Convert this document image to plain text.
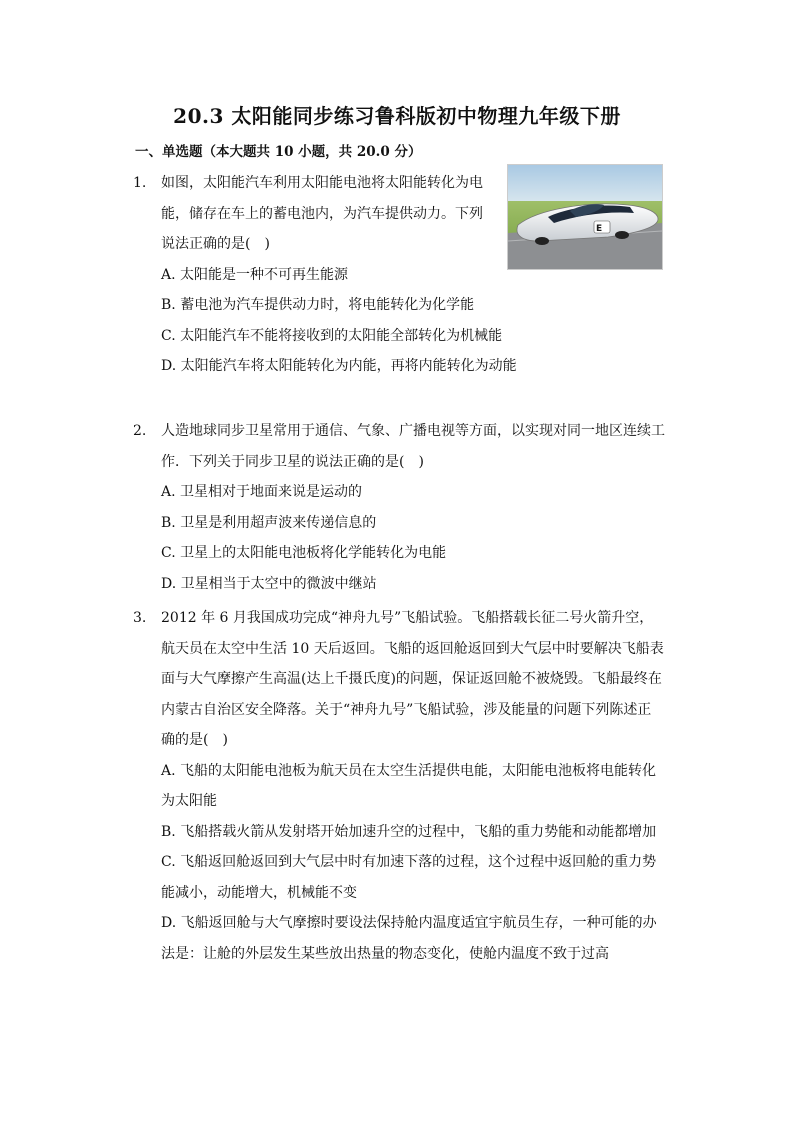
20.3 太阳能同步练习鲁科版初中物理九年级下册
一、单选题（本大题共 10 小题，共 20.0 分）
1.	如图，太阳能汽车利用太阳能电池将太阳能转化为电
能，储存在车上的蓄电池内，为汽车提供动力。下列
说法正确的是(　)
A. 太阳能是一种不可再生能源
B. 蓄电池为汽车提供动力时，将电能转化为化学能
C. 太阳能汽车不能将接收到的太阳能全部转化为机械能
D. 太阳能汽车将太阳能转化为内能，再将内能转化为动能
E
2.	人造地球同步卫星常用于通信、气象、广播电视等方面，以实现对同一地区连续工
作．下列关于同步卫星的说法正确的是(　)
A. 卫星相对于地面来说是运动的
B. 卫星是利用超声波来传递信息的
C. 卫星上的太阳能电池板将化学能转化为电能
D. 卫星相当于太空中的微波中继站
3.	2012 年 6 月我国成功完成“神舟九号”飞船试验。飞船搭载长征二号火箭升空，
航天员在太空中生活 10 天后返回。飞船的返回舱返回到大气层中时要解决飞船表
面与大气摩擦产生高温(达上千摄氏度)的问题，保证返回舱不被烧毁。飞船最终在
内蒙古自治区安全降落。关于“神舟九号”飞船试验，涉及能量的问题下列陈述正
确的是(　)
A. 飞船的太阳能电池板为航天员在太空生活提供电能，太阳能电池板将电能转化为太阳能
B. 飞船搭载火箭从发射塔开始加速升空的过程中，飞船的重力势能和动能都增加
C. 飞船返回舱返回到大气层中时有加速下落的过程，这个过程中返回舱的重力势能减小，动能增大，机械能不变
D. 飞船返回舱与大气摩擦时要设法保持舱内温度适宜宇航员生存，一种可能的办法是：让舱的外层发生某些放出热量的物态变化，使舱内温度不致于过高
